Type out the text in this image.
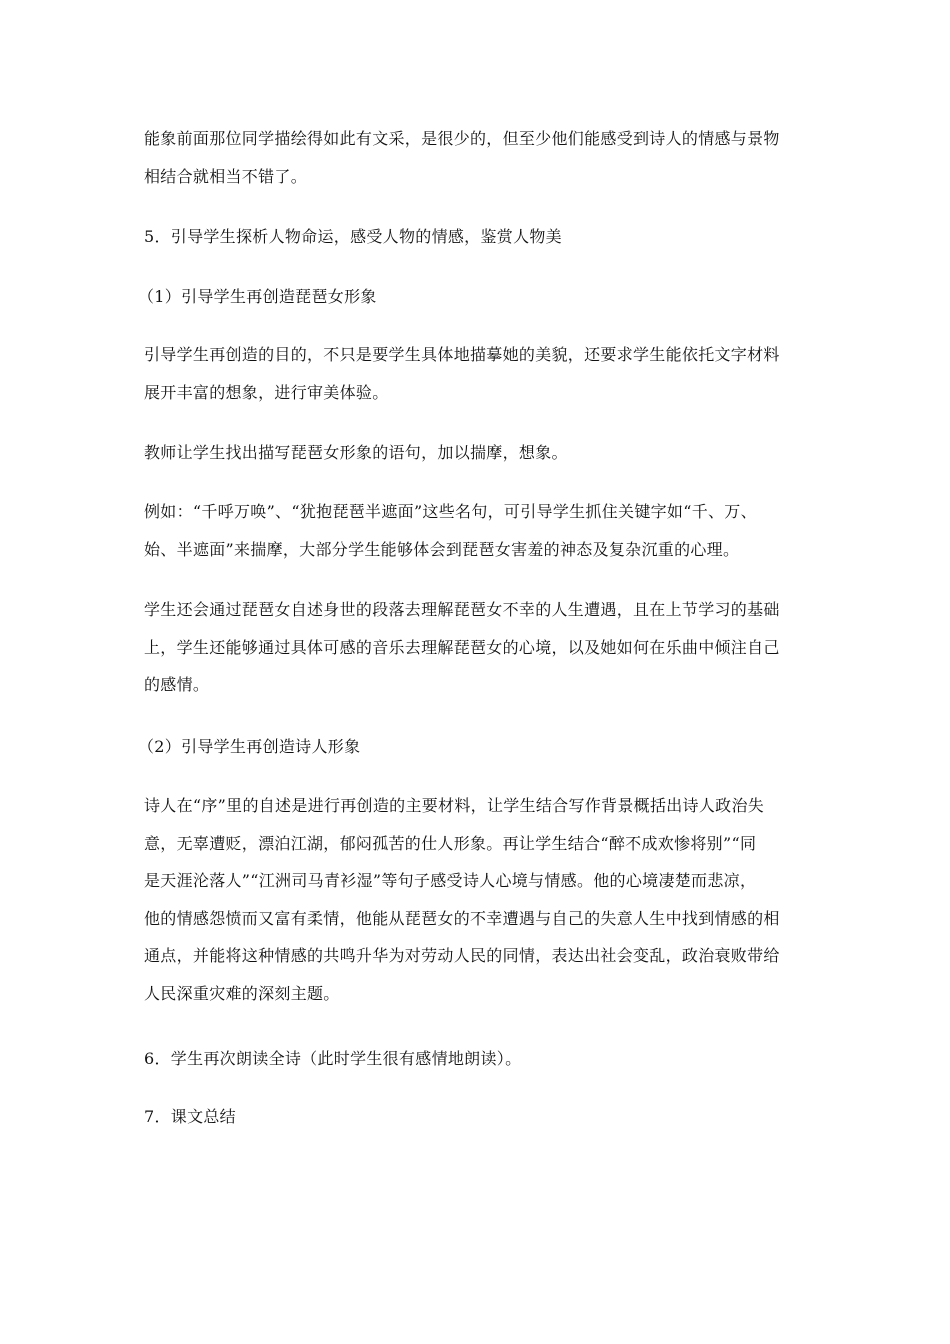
能象前面那位同学描绘得如此有文采，是很少的，但至少他们能感受到诗人的情感与景物
相结合就相当不错了。

5．引导学生探析人物命运，感受人物的情感，鉴赏人物美

（1）引导学生再创造琵琶女形象

引导学生再创造的目的，不只是要学生具体地描摹她的美貌，还要求学生能依托文字材料
展开丰富的想象，进行审美体验。

教师让学生找出描写琵琶女形象的语句，加以揣摩，想象。

例如：“千呼万唤”、“犹抱琵琶半遮面”这些名句，可引导学生抓住关键字如“千、万、
始、半遮面”来揣摩，大部分学生能够体会到琵琶女害羞的神态及复杂沉重的心理。

学生还会通过琵琶女自述身世的段落去理解琵琶女不幸的人生遭遇，且在上节学习的基础
上，学生还能够通过具体可感的音乐去理解琵琶女的心境，以及她如何在乐曲中倾注自己
的感情。

（2）引导学生再创造诗人形象

诗人在“序”里的自述是进行再创造的主要材料，让学生结合写作背景概括出诗人政治失
意，无辜遭贬，漂泊江湖，郁闷孤苦的仕人形象。再让学生结合“醉不成欢惨将别”“同
是天涯沦落人”“江洲司马青衫湿”等句子感受诗人心境与情感。他的心境凄楚而悲凉，
他的情感怨愤而又富有柔情，他能从琵琶女的不幸遭遇与自己的失意人生中找到情感的相
通点，并能将这种情感的共鸣升华为对劳动人民的同情，表达出社会变乱，政治衰败带给
人民深重灾难的深刻主题。

6．学生再次朗读全诗（此时学生很有感情地朗读）。

7．课文总结
